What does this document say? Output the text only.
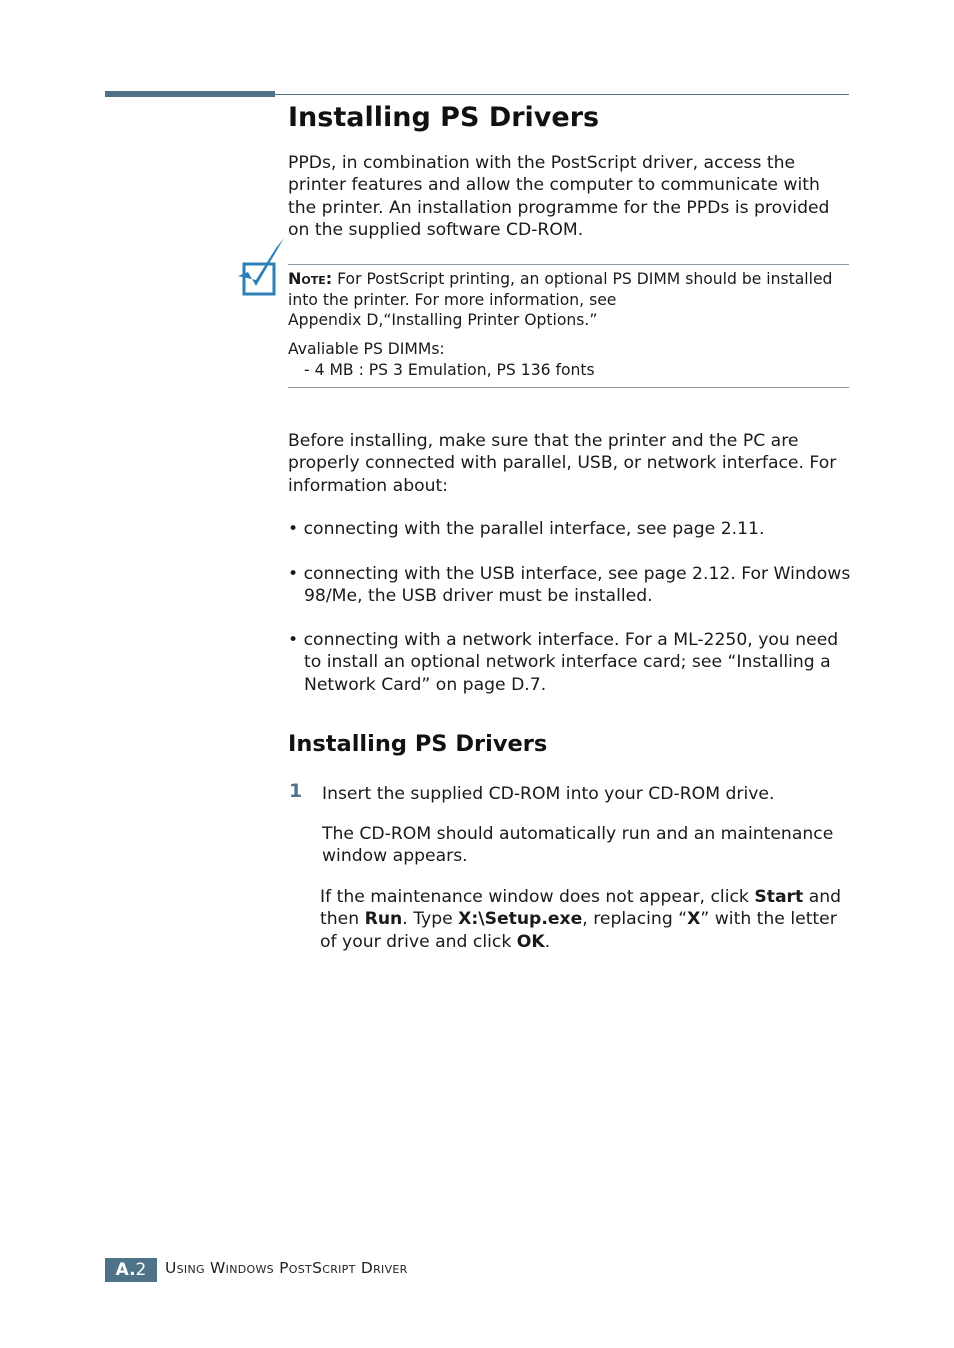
Installing PS Drivers

PPDs, in combination with the PostScript driver, access the printer features and allow the computer to communicate with the printer. An installation programme for the PPDs is provided on the supplied software CD-ROM.

Note: For PostScript printing, an optional PS DIMM should be installed into the printer. For more information, see
Appendix D,“Installing Printer Options.”

Avaliable PS DIMMs:
- 4 MB : PS 3 Emulation, PS 136 fonts

Before installing, make sure that the printer and the PC are properly connected with parallel, USB, or network interface. For information about:

• connecting with the parallel interface, see page 2.11.

• connecting with the USB interface, see page 2.12. For Windows 98/Me, the USB driver must be installed.

• connecting with a network interface. For a ML-2250, you need to install an optional network interface card; see “Installing a Network Card” on page D.7.

Installing PS Drivers
1 Insert the supplied CD-ROM into your CD-ROM drive.

The CD-ROM should automatically run and an maintenance window appears.

If the maintenance window does not appear, click Start and then Run. Type X:\Setup.exe, replacing “X” with the letter of your drive and click OK.

A.2	Using Windows PostScript Driver
